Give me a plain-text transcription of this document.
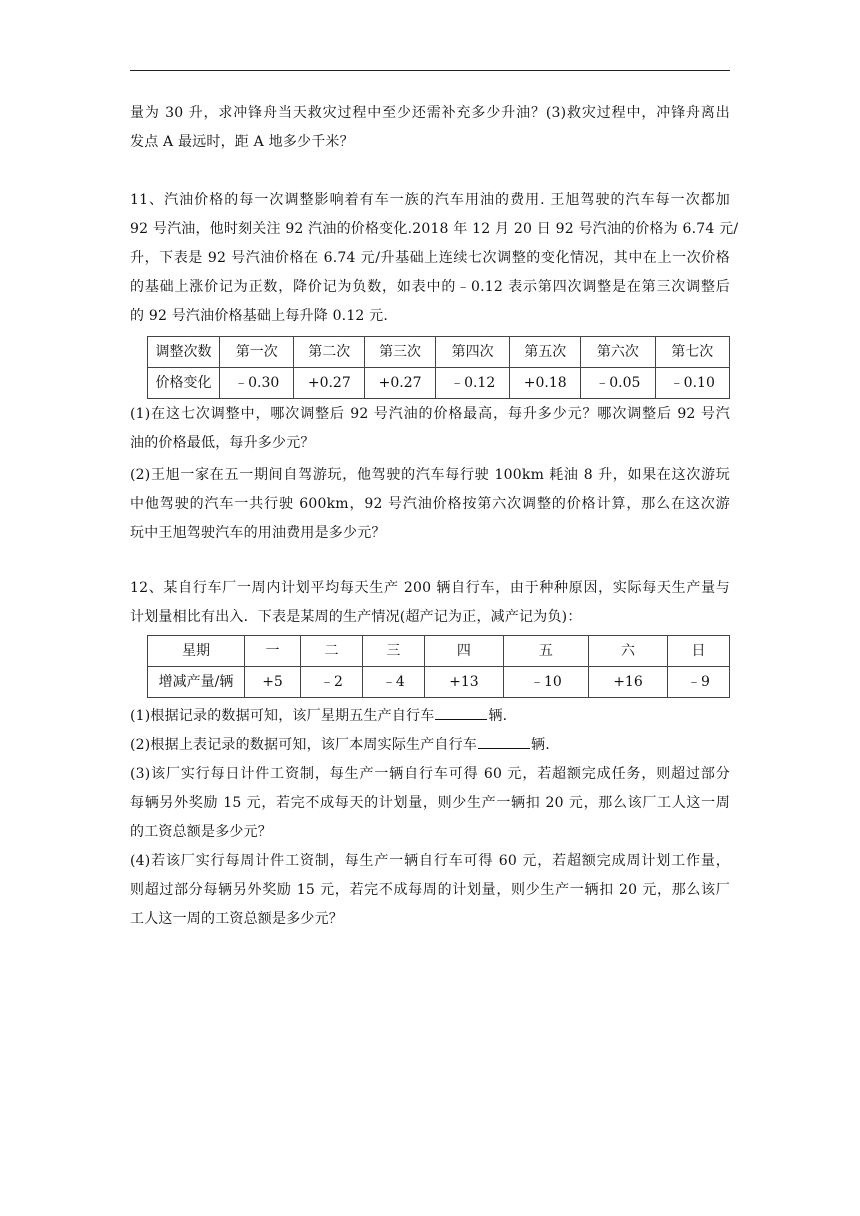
量为 30 升，求冲锋舟当天救灾过程中至少还需补充多少升油？(3)救灾过程中，冲锋舟离出
发点 A 最远时，距 A 地多少千米？
11、汽油价格的每一次调整影响着有车一族的汽车用油的费用. 王旭驾驶的汽车每一次都加
92 号汽油，他时刻关注 92 汽油的价格变化.2018 年 12 月 20 日 92 号汽油的价格为 6.74 元/
升，下表是 92 号汽油价格在 6.74 元/升基础上连续七次调整的变化情况，其中在上一次价格
的基础上涨价记为正数，降价记为负数，如表中的﹣0.12 表示第四次调整是在第三次调整后
的 92 号汽油价格基础上每升降 0.12 元.
调整次数	第一次	第二次	第三次	第四次	第五次	第六次	第七次
价格变化	﹣0.30	+0.27	+0.27	﹣0.12	+0.18	﹣0.05	﹣0.10
(1)在这七次调整中，哪次调整后 92 号汽油的价格最高，每升多少元？哪次调整后 92 号汽
油的价格最低，每升多少元？
(2)王旭一家在五一期间自驾游玩，他驾驶的汽车每行驶 100km 耗油 8 升，如果在这次游玩
中他驾驶的汽车一共行驶 600km，92 号汽油价格按第六次调整的价格计算，那么在这次游
玩中王旭驾驶汽车的用油费用是多少元？
12、某自行车厂一周内计划平均每天生产 200 辆自行车，由于种种原因，实际每天生产量与
计划量相比有出入．下表是某周的生产情况(超产记为正，减产记为负)：
星期	一	二	三	四	五	六	日
增减产量/辆	+5	﹣2	﹣4	+13	﹣10	+16	﹣9
(1)根据记录的数据可知，该厂星期五生产自行车	辆.
(2)根据上表记录的数据可知，该厂本周实际生产自行车	辆.
(3)该厂实行每日计件工资制，每生产一辆自行车可得 60 元，若超额完成任务，则超过部分
每辆另外奖励 15 元，若完不成每天的计划量，则少生产一辆扣 20 元，那么该厂工人这一周
的工资总额是多少元？
(4)若该厂实行每周计件工资制，每生产一辆自行车可得 60 元，若超额完成周计划工作量，
则超过部分每辆另外奖励 15 元，若完不成每周的计划量，则少生产一辆扣 20 元，那么该厂
工人这一周的工资总额是多少元？
